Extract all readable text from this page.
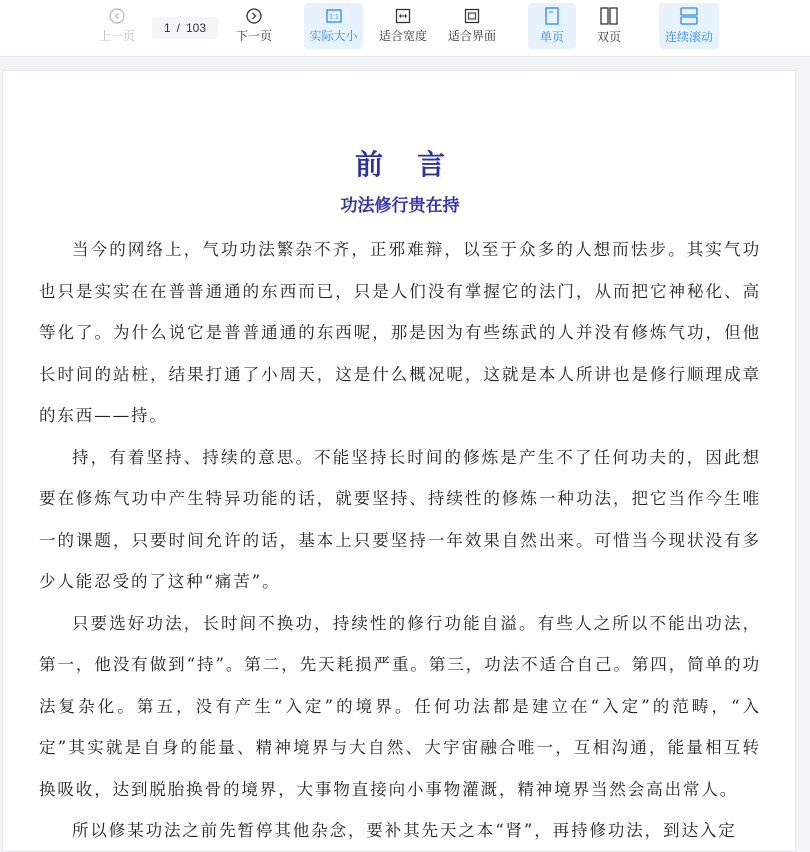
上一页
1 / 103
下一页
1:1
实际大小 适合宽度 适合界面	单页	双页	连续滚动
前言
功法修行贵在持

当今的网络上，气功功法繁杂不齐，正邪难辩，以至于众多的人想而怯步。其实气功也只是实实在在普普通通的东西而已，只是人们没有掌握它的法门，从而把它神秘化、高等化了。为什么说它是普普通通的东西呢，那是因为有些练武的人并没有修炼气功，但他长时间的站桩，结果打通了小周天，这是什么概况呢，这就是本人所讲也是修行顺理成章的东西——持。

持，有着坚持、持续的意思。不能坚持长时间的修炼是产生不了任何功夫的，因此想要在修炼气功中产生特异功能的话，就要坚持、持续性的修炼一种功法，把它当作今生唯一的课题，只要时间允许的话，基本上只要坚持一年效果自然出来。可惜当今现状没有多少人能忍受的了这种“痛苦”。

只要选好功法，长时间不换功，持续性的修行功能自溢。有些人之所以不能出功法，第一，他没有做到“持”。第二，先天耗损严重。第三，功法不适合自己。第四，简单的功法复杂化。第五，没有产生“入定”的境界。任何功法都是建立在“入定”的范畴，“入定”其实就是自身的能量、精神境界与大自然、大宇宙融合唯一，互相沟通，能量相互转换吸收，达到脱胎换骨的境界，大事物直接向小事物灌溉，精神境界当然会高出常人。

所以修某功法之前先暂停其他杂念，要补其先天之本“肾”，再持修功法，到达入定
